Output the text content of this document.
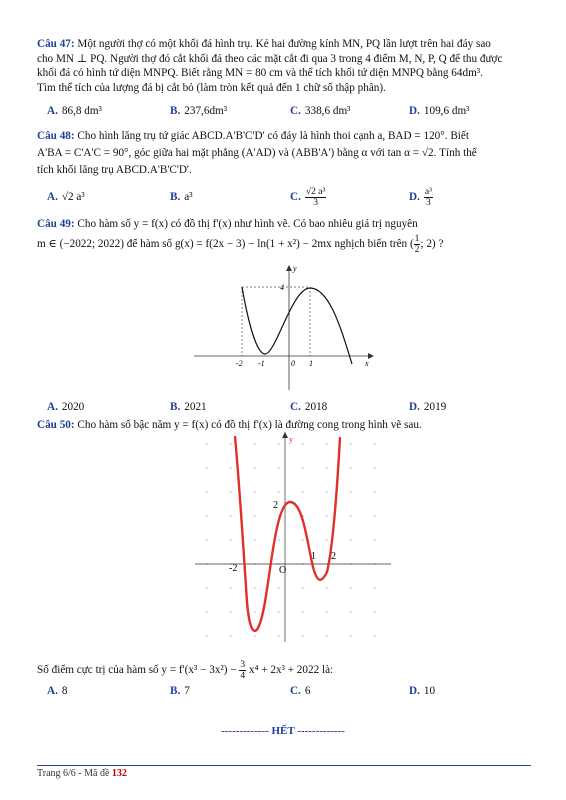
Câu 47: Một người thợ có một khối đá hình trụ. Kẻ hai đường kính MN, PQ lần lượt trên hai đáy sao
cho MN ⊥ PQ. Người thợ đó cắt khối đá theo các mặt cắt đi qua 3 trong 4 điểm M, N, P, Q để thu được
khối đá có hình tứ diện MNPQ. Biết rằng MN = 80 cm và thể tích khối tứ diện MNPQ bằng 64dm³.
Tìm thể tích của lượng đá bị cắt bỏ (làm tròn kết quả đến 1 chữ số thập phân).
A. 86,8 dm³	B. 237,6dm³	C. 338,6 dm³	D. 109,6 dm³
Câu 48: Cho hình lăng trụ tứ giác ABCD.A'B'C'D' có đáy là hình thoi cạnh a, BAD = 120°. Biết
A'BA = C'A'C = 90°, góc giữa hai mặt phẳng (A'AD) và (ABB'A') bằng α với tan α = √2. Tính thể
tích khối lăng trụ ABCD.A'B'C'D'.
A. √2 a³	B. a³	C. $\frac{\text{√2 a³}}{3}$	D. $\frac{\text{a³}}{3}$
Câu 49: Cho hàm số y = f(x) có đồ thị f'(x) như hình vẽ. Có bao nhiêu giá trị nguyên
m ∈ (−2022; 2022) để hàm số g(x) = f(2x − 3) − ln(1 + x²) − 2mx nghịch biến trên ( $\frac{1}{2}$ ; 2) ?
y
x
4
-2 -1	0 1
A. 2020	B. 2021	C. 2018	D. 2019
Câu 50: Cho hàm số bậc năm y = f(x) có đồ thị f'(x) là đường cong trong hình vẽ sau.
y
2
-2	O
1 2
Số điểm cực trị của hàm số $y = f'(x^3 - 3x^2) - \frac{3}{4} x^4 + 2x^3 + 2022$ là:
A. 8	B. 7	C. 6	D. 10
------------- HẾT -------------
Trang 6/6 - Mã đề 132
